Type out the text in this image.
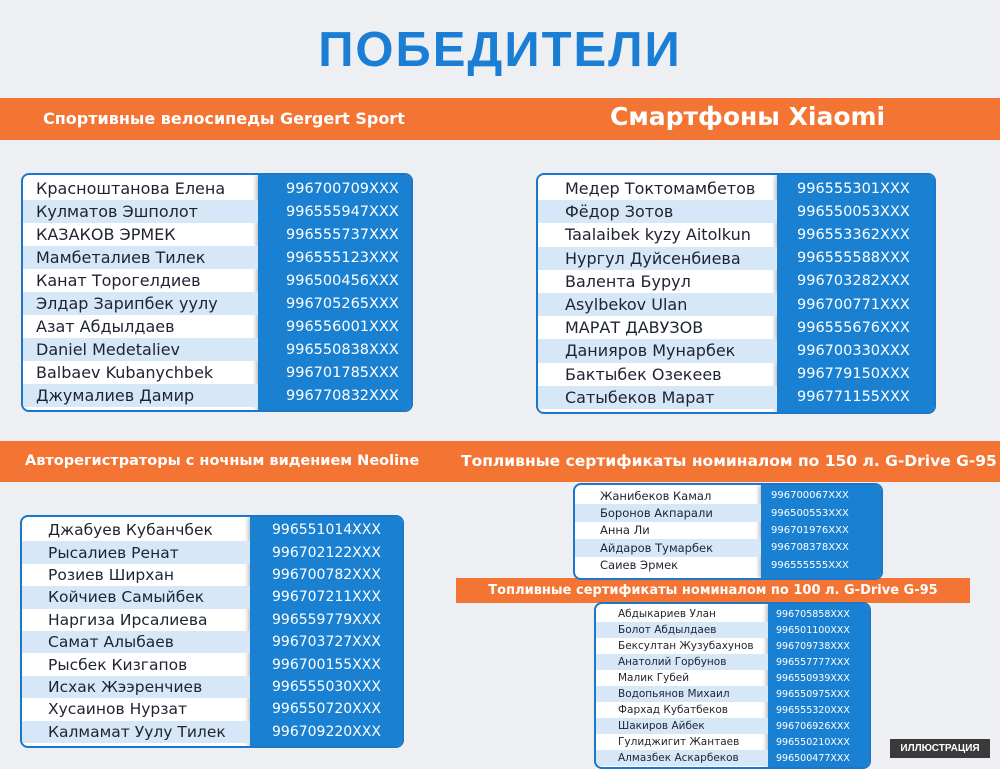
ПОБЕДИТЕЛИ
Спортивные велосипеды Gergert Sport	Смартфоны Xiaomi
Авторегистраторы с ночным видением Neoline	Топливные сертификаты номиналом по 150 л. G-Drive G-95
Топливные сертификаты номиналом по 100 л. G-Drive G-95
Красноштанова Елена	996700709XXX
Кулматов Эшполот	996555947XXX
КАЗАКОВ ЭРМЕК	996555737XXX
Мамбеталиев Тилек	996555123XXX
Канат Торогелдиев	996500456XXX
Элдар Зарипбек уулу	996705265XXX
Азат Абдылдаев	996556001XXX
Daniel Medetaliev	996550838XXX
Balbaev Kubanychbek	996701785XXX
Джумалиев Дамир	996770832XXX
Медер Токтомамбетов	996555301XXX
Фёдор Зотов	996550053XXX
Taalaibek kyzy Aitolkun	996553362XXX
Нургул Дуйсенбиева	996555588XXX
Валента Бурул	996703282XXX
Asylbekov Ulan	996700771XXX
МАРАТ ДАВУЗОВ	996555676XXX
Данияров Мунарбек	996700330XXX
Бактыбек Озекеев	996779150XXX
Сатыбеков Марат	996771155XXX
Джабуев Кубанчбек	996551014XXX
Рысалиев Ренат	996702122XXX
Розиев Ширхан	996700782XXX
Койчиев Самыйбек	996707211XXX
Наргиза Ирсалиева	996559779XXX
Самат Алыбаев	996703727XXX
Рысбек Кизгапов	996700155XXX
Исхак Жээренчиев	996555030XXX
Хусаинов Нурзат	996550720XXX
Калмамат Уулу Тилек	996709220XXX
Жанибеков Камал	996700067XXX
Боронов Акпарали	996500553XXX
Анна Ли	996701976XXX
Айдаров Тумарбек	996708378XXX
Саиев Эрмек	996555555XXX
Абдыкариев Улан	996705858XXX
Болот Абдылдаев	996501100XXX
Бексултан Жузубахунов 996709738XXX
Анатолий Горбунов	996557777XXX
Малик Губей	996550939XXX
Водопьянов Михаил	996550975XXX
Фархад Кубатбеков	996555320XXX
Шакиров Айбек	996706926XXX
Гулиджигит Жантаев	996550210XXX
Алмазбек Аскарбеков	996500477XXX
ИЛЛЮСТРАЦИЯ
